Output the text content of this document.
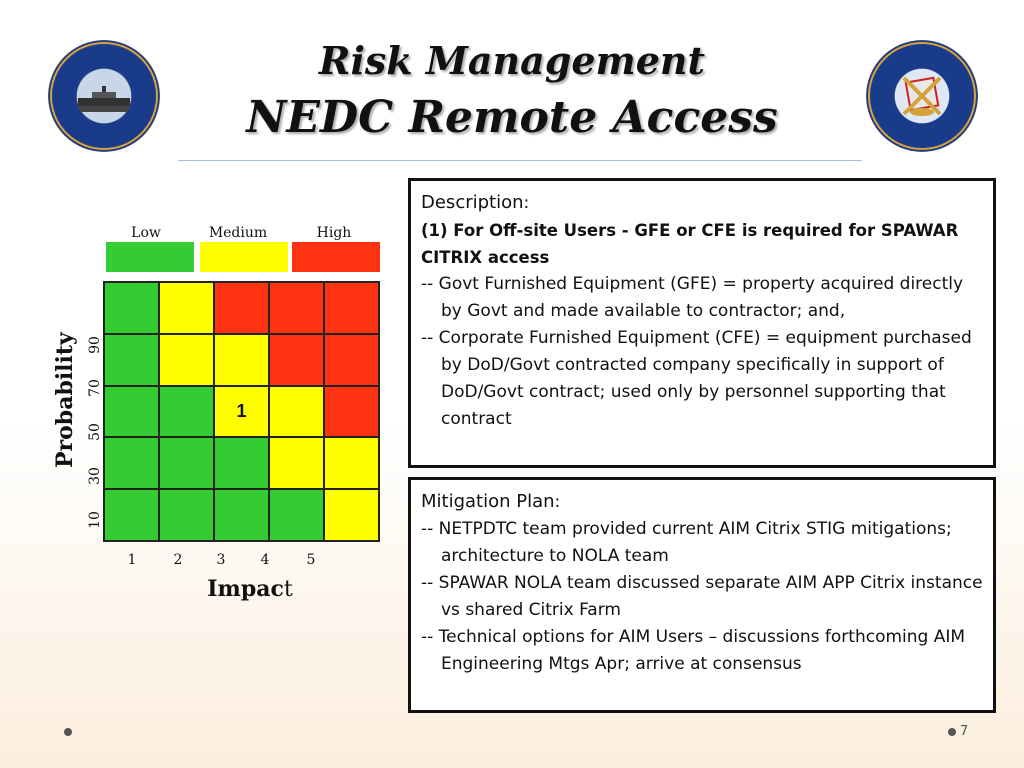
Risk Management
NEDC Remote Access
Low	Medium	High
1
90
70
50
30
10
1	2	3	4	5
Probability
Impact
Description:
(1) For Off-site Users - GFE or CFE is required for SPAWAR CITRIX access
-- Govt Furnished Equipment (GFE) = property acquired directly by Govt and made available to contractor; and,
-- Corporate Furnished Equipment (CFE) = equipment purchased by DoD/Govt contracted company specifically in support of DoD/Govt contract; used only by personnel supporting that contract
Mitigation Plan:
-- NETPDTC team provided current AIM Citrix STIG mitigations; architecture to NOLA team
-- SPAWAR NOLA team discussed separate AIM APP Citrix instance vs shared Citrix Farm
-- Technical options for AIM Users – discussions forthcoming AIM Engineering Mtgs Apr; arrive at consensus
7
